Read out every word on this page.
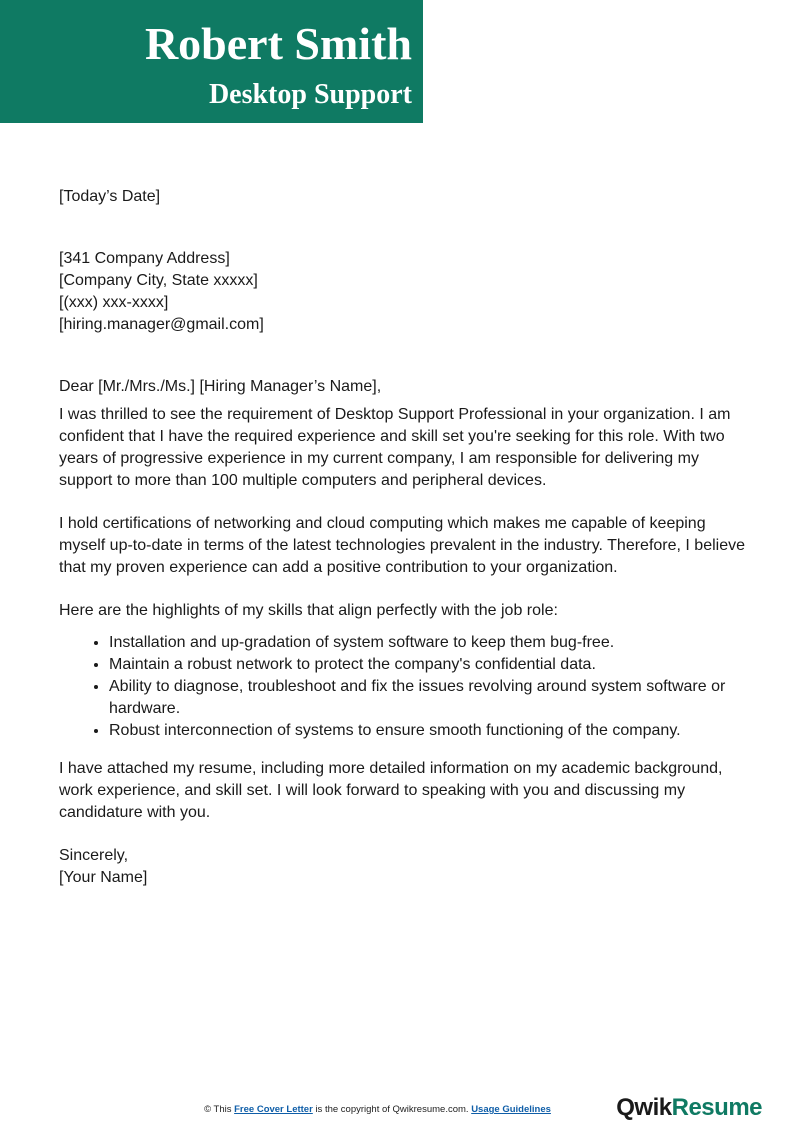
Robert Smith
Desktop Support

[Today’s Date]

[341 Company Address]

[Company City, State xxxxx]

[(xxx) xxx-xxxx]

[hiring.manager@gmail.com]

Dear [Mr./Mrs./Ms.] [Hiring Manager’s Name],

I was thrilled to see the requirement of Desktop Support Professional in your organization. I am confident that I have the required experience and skill set you're seeking for this role. With two years of progressive experience in my current company, I am responsible for delivering my support to more than 100 multiple computers and peripheral devices.

I hold certifications of networking and cloud computing which makes me capable of keeping myself up-to-date in terms of the latest technologies prevalent in the industry. Therefore, I believe that my proven experience can add a positive contribution to your organization.

Here are the highlights of my skills that align perfectly with the job role:

• Installation and up-gradation of system software to keep them bug-free.
• Maintain a robust network to protect the company's confidential data.
• Ability to diagnose, troubleshoot and fix the issues revolving around system software or hardware.
• Robust interconnection of systems to ensure smooth functioning of the company.

I have attached my resume, including more detailed information on my academic background, work experience, and skill set. I will look forward to speaking with you and discussing my candidature with you.

Sincerely,

[Your Name]

© This Free Cover Letter is the copyright of Qwikresume.com. Usage Guidelines	QwikResume
